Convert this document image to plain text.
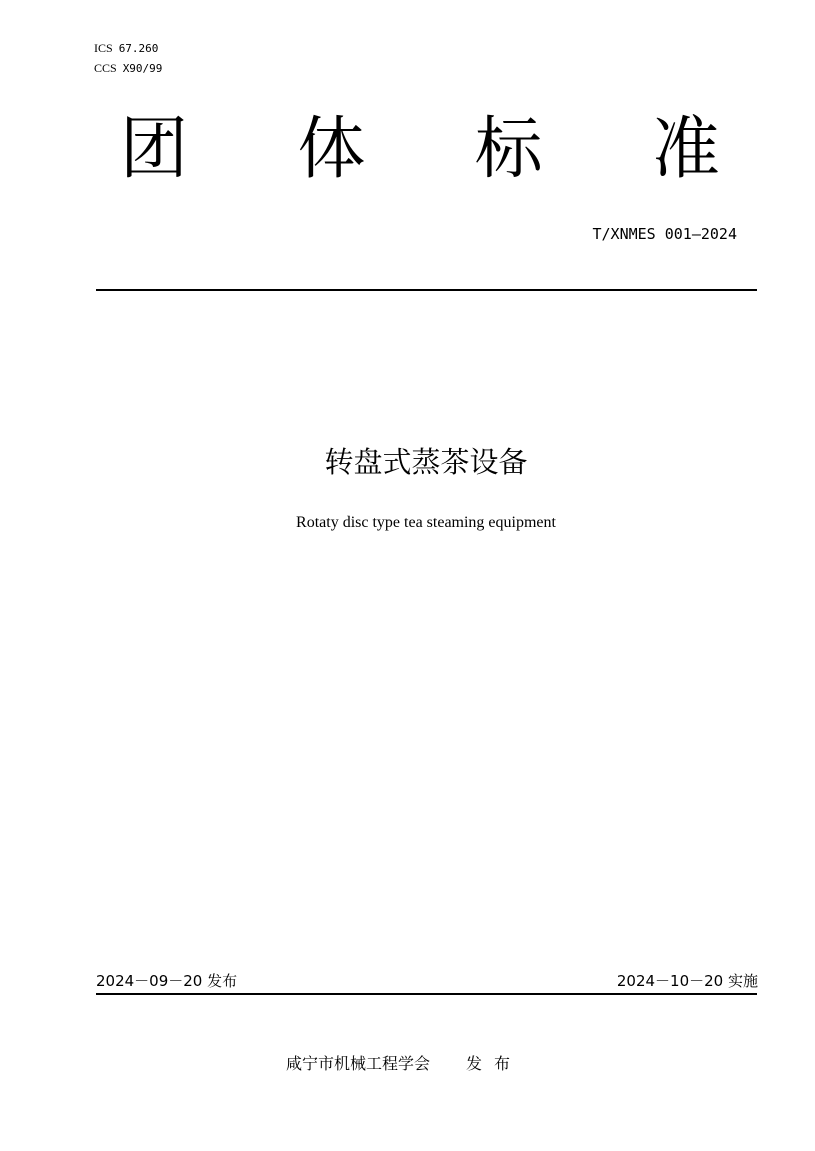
ICS 67.260
CCS X90/99
团 体 标 准
T/XNMES 001—2024
转盘式蒸茶设备
Rotaty disc type tea steaming equipment
2024－09－20 发布	2024－10－20 实施
咸宁市机械工程学会 发布
